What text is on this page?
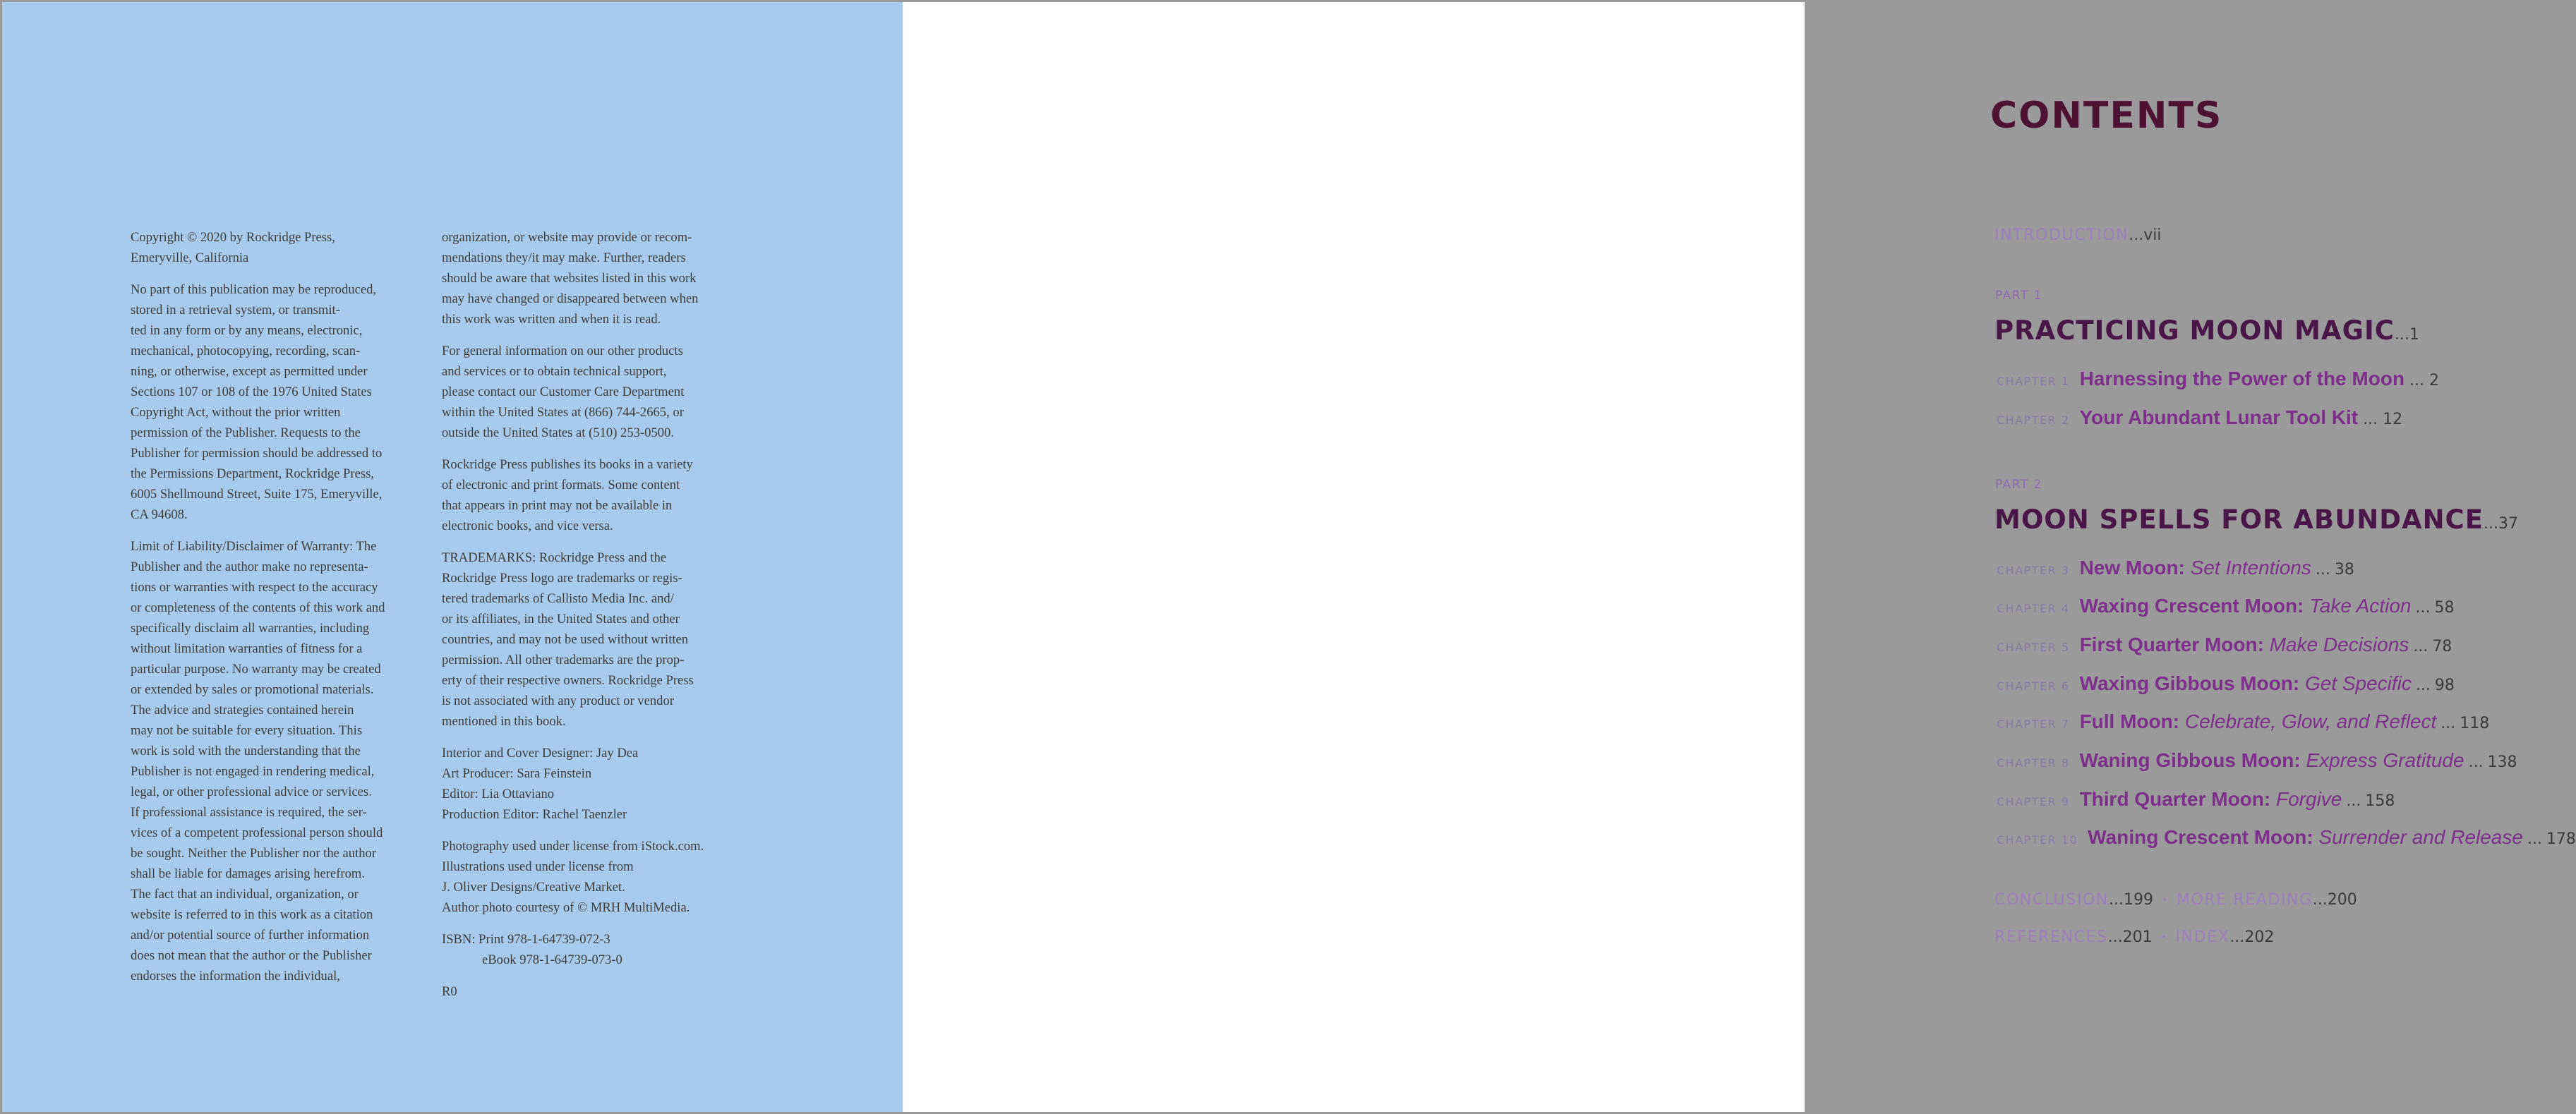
Copyright © 2020 by Rockridge Press,
Emeryville, California

No part of this publication may be reproduced,
stored in a retrieval system, or transmit-
ted in any form or by any means, electronic,
mechanical, photocopying, recording, scan-
ning, or otherwise, except as permitted under
Sections 107 or 108 of the 1976 United States
Copyright Act, without the prior written
permission of the Publisher. Requests to the
Publisher for permission should be addressed to
the Permissions Department, Rockridge Press,
6005 Shellmound Street, Suite 175, Emeryville,
CA 94608.

Limit of Liability/Disclaimer of Warranty: The
Publisher and the author make no representa-
tions or warranties with respect to the accuracy
or completeness of the contents of this work and
specifically disclaim all warranties, including
without limitation warranties of fitness for a
particular purpose. No warranty may be created
or extended by sales or promotional materials.
The advice and strategies contained herein
may not be suitable for every situation. This
work is sold with the understanding that the
Publisher is not engaged in rendering medical,
legal, or other professional advice or services.
If professional assistance is required, the ser-
vices of a competent professional person should
be sought. Neither the Publisher nor the author
shall be liable for damages arising herefrom.
The fact that an individual, organization, or
website is referred to in this work as a citation
and/or potential source of further information
does not mean that the author or the Publisher
endorses the information the individual,

organization, or website may provide or recom-
mendations they/it may make. Further, readers
should be aware that websites listed in this work
may have changed or disappeared between when
this work was written and when it is read.

For general information on our other products
and services or to obtain technical support,
please contact our Customer Care Department
within the United States at (866) 744-2665, or
outside the United States at (510) 253-0500.

Rockridge Press publishes its books in a variety
of electronic and print formats. Some content
that appears in print may not be available in
electronic books, and vice versa.

TRADEMARKS: Rockridge Press and the
Rockridge Press logo are trademarks or regis-
tered trademarks of Callisto Media Inc. and/
or its affiliates, in the United States and other
countries, and may not be used without written
permission. All other trademarks are the prop-
erty of their respective owners. Rockridge Press
is not associated with any product or vendor
mentioned in this book.

Interior and Cover Designer: Jay Dea
Art Producer: Sara Feinstein
Editor: Lia Ottaviano
Production Editor: Rachel Taenzler

Photography used under license from iStock.com.
Illustrations used under license from
J. Oliver Designs/Creative Market.
Author photo courtesy of © MRH MultiMedia.

ISBN: Print 978-1-64739-072-3
eBook 978-1-64739-073-0

R0

CONTENTS
INTRODUCTION...vii
PART 1
PRACTICING MOON MAGIC...1
CHAPTER 1 Harnessing the Power of the Moon ... 2
CHAPTER 2 Your Abundant Lunar Tool Kit ... 12
PART 2
MOON SPELLS FOR ABUNDANCE...37
CHAPTER 3 New Moon: Set Intentions ... 38
CHAPTER 4 Waxing Crescent Moon: Take Action ... 58
CHAPTER 5 First Quarter Moon: Make Decisions ... 78
CHAPTER 6 Waxing Gibbous Moon: Get Specific ... 98
CHAPTER 7 Full Moon: Celebrate, Glow, and Reflect ... 118
CHAPTER 8 Waning Gibbous Moon: Express Gratitude ... 138
CHAPTER 9 Third Quarter Moon: Forgive ... 158
CHAPTER 10 Waning Crescent Moon: Surrender and Release ... 178
CONCLUSION...199 • MORE READING...200
REFERENCES...201 • INDEX...202
